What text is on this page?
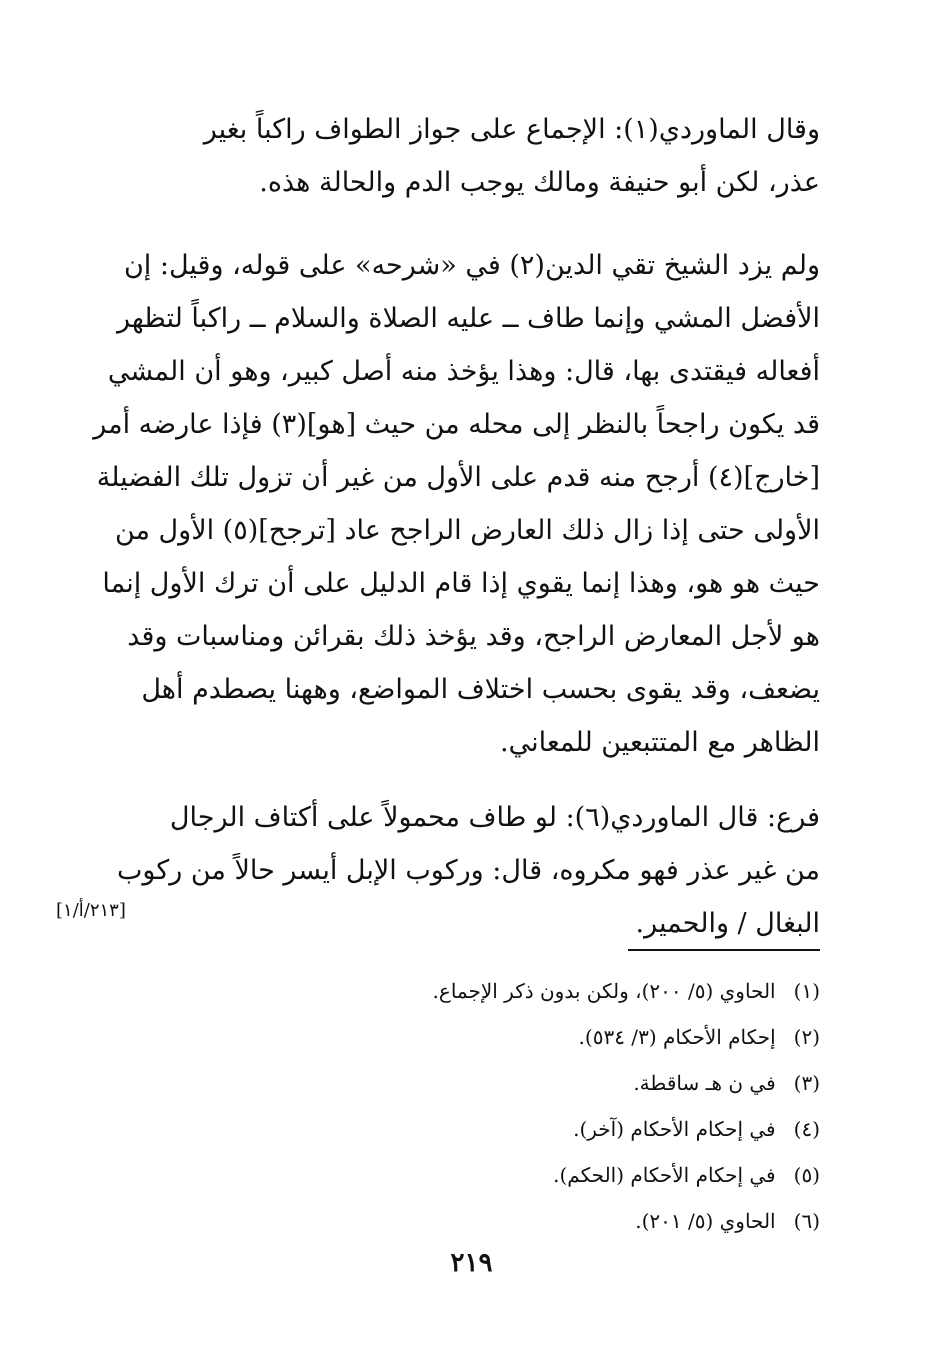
وقال الماوردي(١): الإجماع على جواز الطواف راكباً بغير
عذر، لكن أبو حنيفة ومالك يوجب الدم والحالة هذه.
ولم يزد الشيخ تقي الدين(٢) في «شرحه» على قوله، وقيل: إن
الأفضل المشي وإنما طاف ــ عليه الصلاة والسلام ــ راكباً لتظهر
أفعاله فيقتدى بها، قال: وهذا يؤخذ منه أصل كبير، وهو أن المشي
قد يكون راجحاً بالنظر إلى محله من حيث [هو](٣) فإذا عارضه أمر
[خارج](٤) أرجح منه قدم على الأول من غير أن تزول تلك الفضيلة
الأولى حتى إذا زال ذلك العارض الراجح عاد [ترجح](٥) الأول من
حيث هو هو، وهذا إنما يقوي إذا قام الدليل على أن ترك الأول إنما
هو لأجل المعارض الراجح، وقد يؤخذ ذلك بقرائن ومناسبات وقد
يضعف، وقد يقوى بحسب اختلاف المواضع، وههنا يصطدم أهل
الظاهر مع المتتبعين للمعاني.
فرع: قال الماوردي(٦): لو طاف محمولاً على أكتاف الرجال
من غير عذر فهو مكروه، قال: وركوب الإبل أيسر حالاً من ركوب
البغال / والحمير.
[٢١٣/أ/١]
(١)الحاوي (٥/ ٢٠٠)، ولكن بدون ذكر الإجماع.
(٢)إحكام الأحكام (٣/ ٥٣٤).
(٣)في ن هـ ساقطة.
(٤)في إحكام الأحكام (آخر).
(٥)في إحكام الأحكام (الحكم).
(٦)الحاوي (٥/ ٢٠١).
٢١٩
